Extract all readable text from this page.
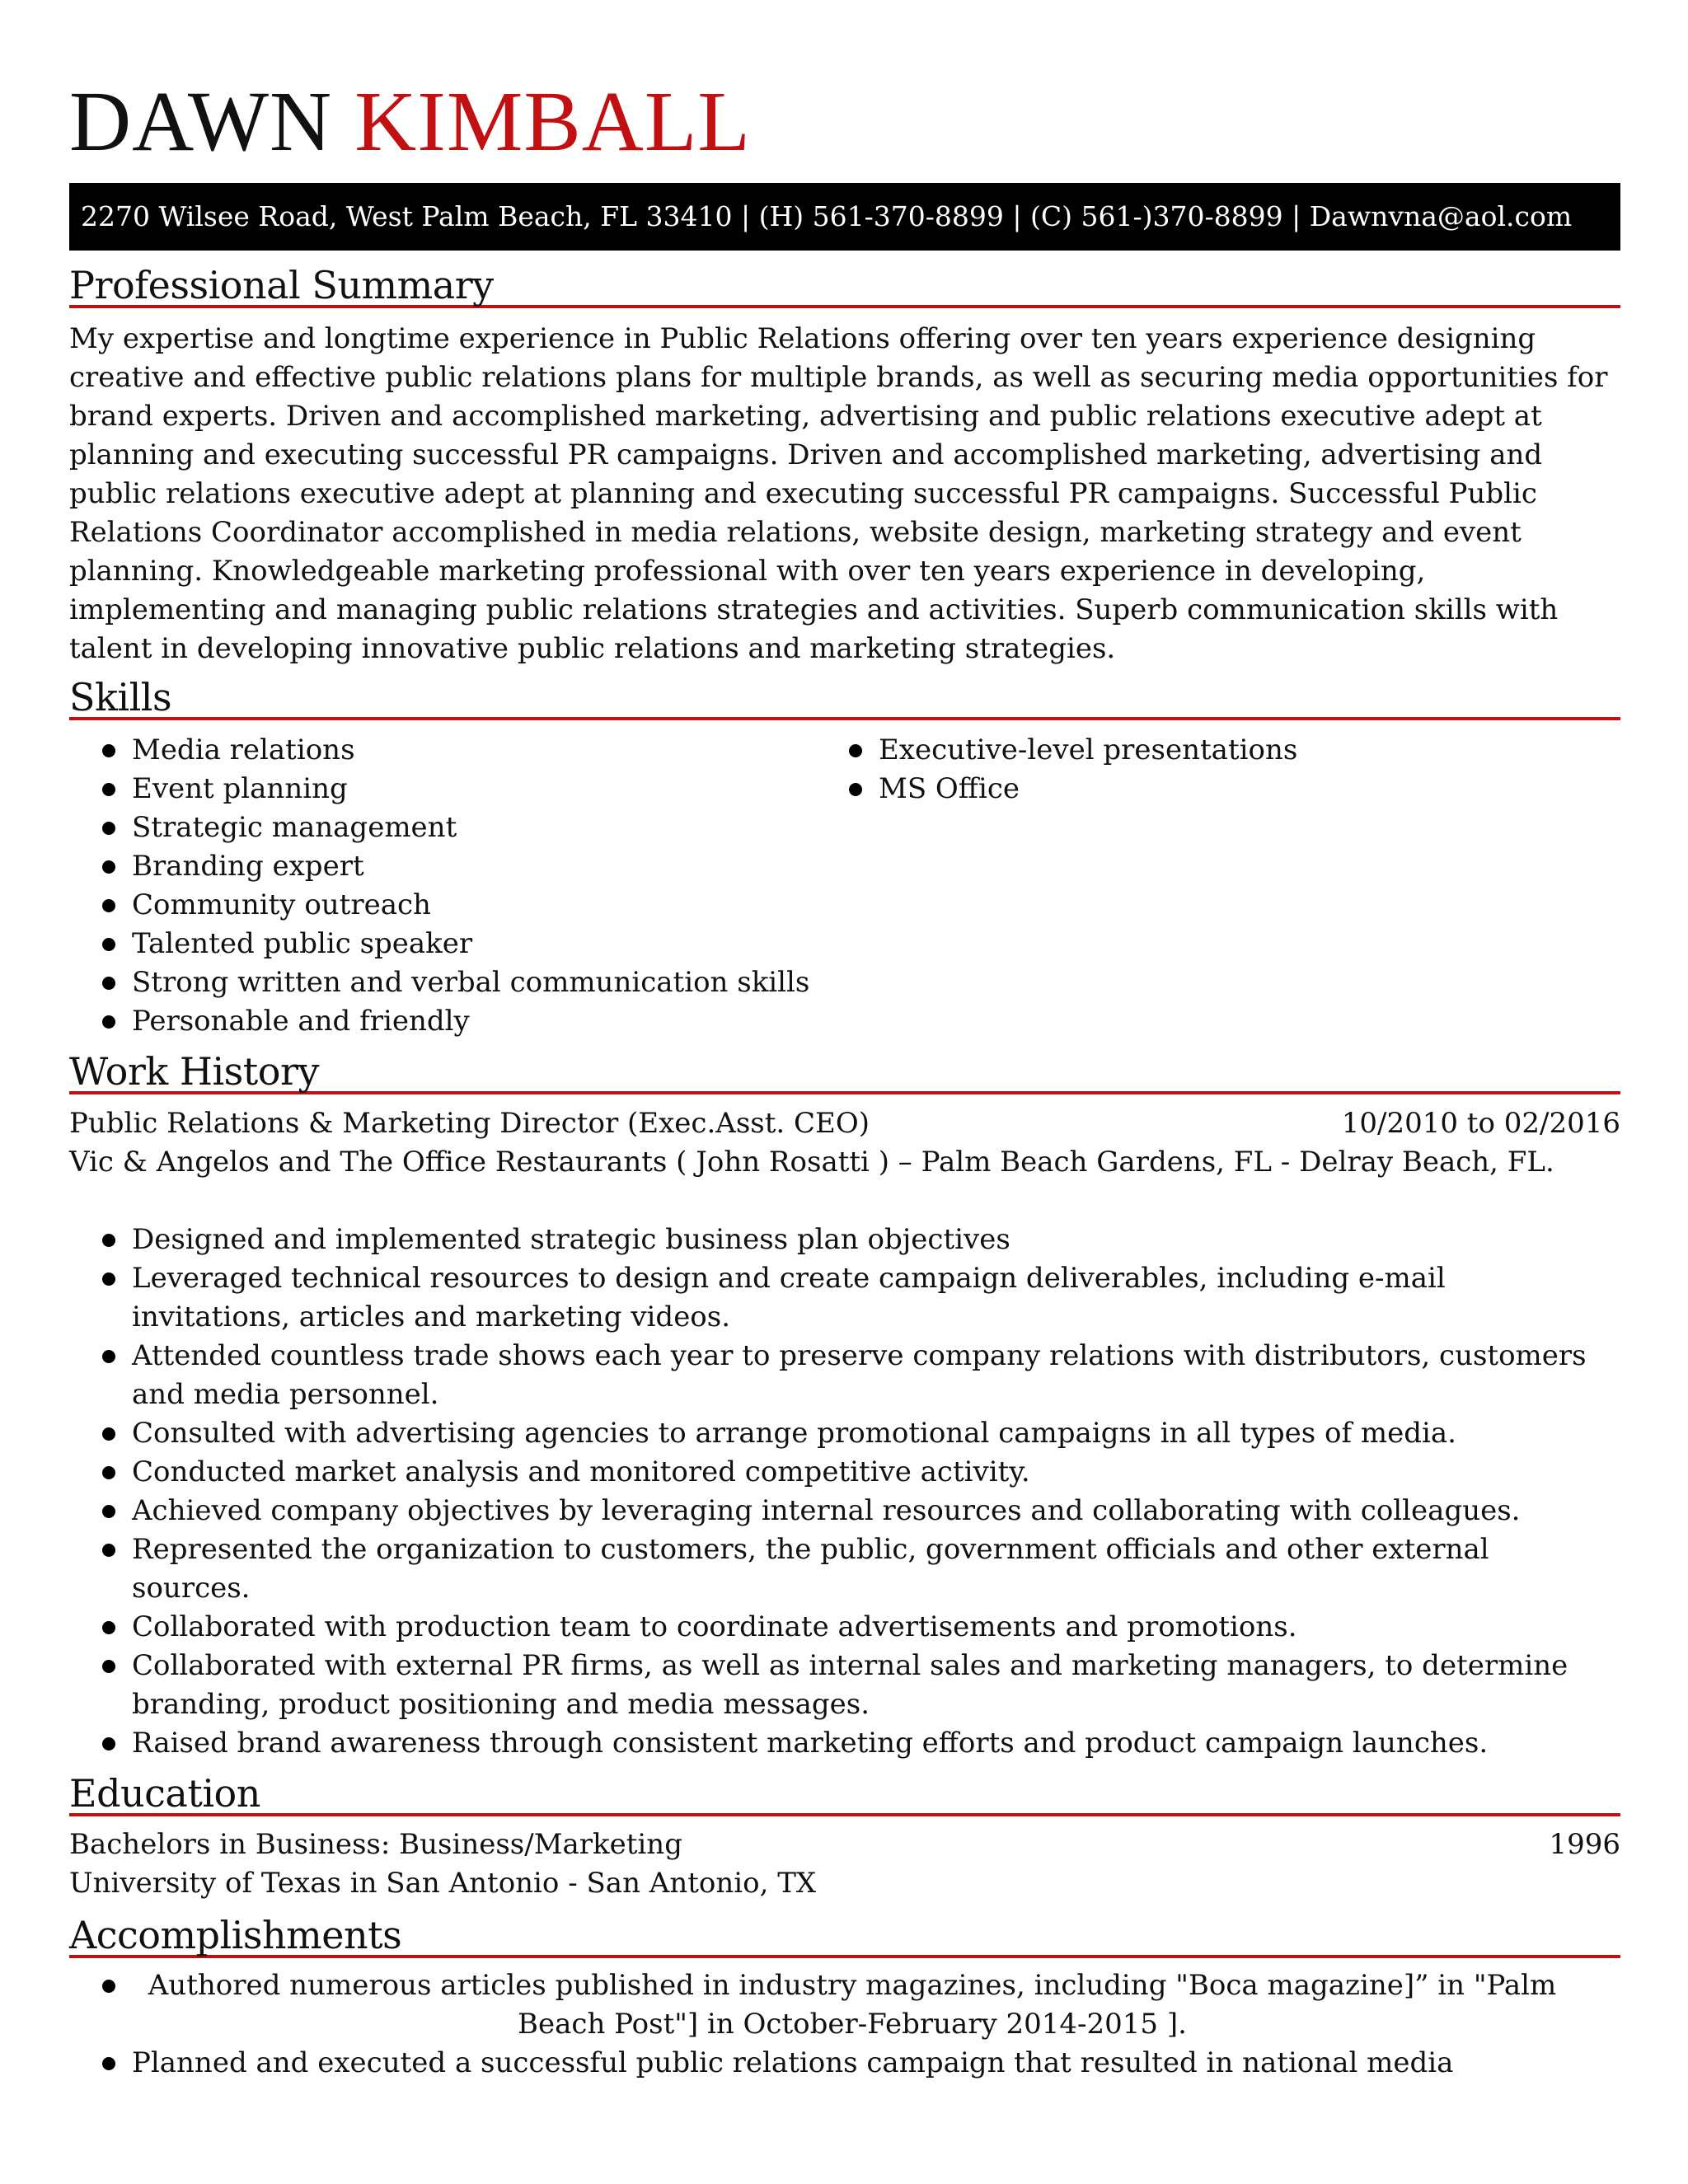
DAWN KIMBALL
2270 Wilsee Road, West Palm Beach, FL 33410 | (H) 561-370-8899 | (C) 561-)370-8899 | Dawnvna@aol.com
Professional Summary

My expertise and longtime experience in Public Relations offering over ten years experience designing
creative and effective public relations plans for multiple brands, as well as securing media opportunities for
brand experts. Driven and accomplished marketing, advertising and public relations executive adept at
planning and executing successful PR campaigns. Driven and accomplished marketing, advertising and
public relations executive adept at planning and executing successful PR campaigns. Successful Public
Relations Coordinator accomplished in media relations, website design, marketing strategy and event
planning. Knowledgeable marketing professional with over ten years experience in developing,
implementing and managing public relations strategies and activities. Superb communication skills with
talent in developing innovative public relations and marketing strategies.

Skills
Media relations
Event planning
Strategic management
Branding expert
Community outreach
Talented public speaker
Strong written and verbal communication skills
Personable and friendly
Executive-level presentations
MS Office
Work History
Public Relations & Marketing Director (Exec.Asst. CEO)	10/2010 to 02/2016
Vic & Angelos and The Office Restaurants ( John Rosatti ) – Palm Beach Gardens, FL - Delray Beach, FL.
Designed and implemented strategic business plan objectives
Leveraged technical resources to design and create campaign deliverables, including e-mail
invitations, articles and marketing videos.
Attended countless trade shows each year to preserve company relations with distributors, customers
and media personnel.
Consulted with advertising agencies to arrange promotional campaigns in all types of media.
Conducted market analysis and monitored competitive activity.
Achieved company objectives by leveraging internal resources and collaborating with colleagues.
Represented the organization to customers, the public, government officials and other external
sources.
Collaborated with production team to coordinate advertisements and promotions.
Collaborated with external PR firms, as well as internal sales and marketing managers, to determine
branding, product positioning and media messages.
Raised brand awareness through consistent marketing efforts and product campaign launches.
Education
Bachelors in Business: Business/Marketing	1996
University of Texas in San Antonio - San Antonio, TX
Accomplishments
Authored numerous articles published in industry magazines, including "Boca magazine]” in "Palm
Beach Post"] in October-February 2014-2015 ].
Planned and executed a successful public relations campaign that resulted in national media
